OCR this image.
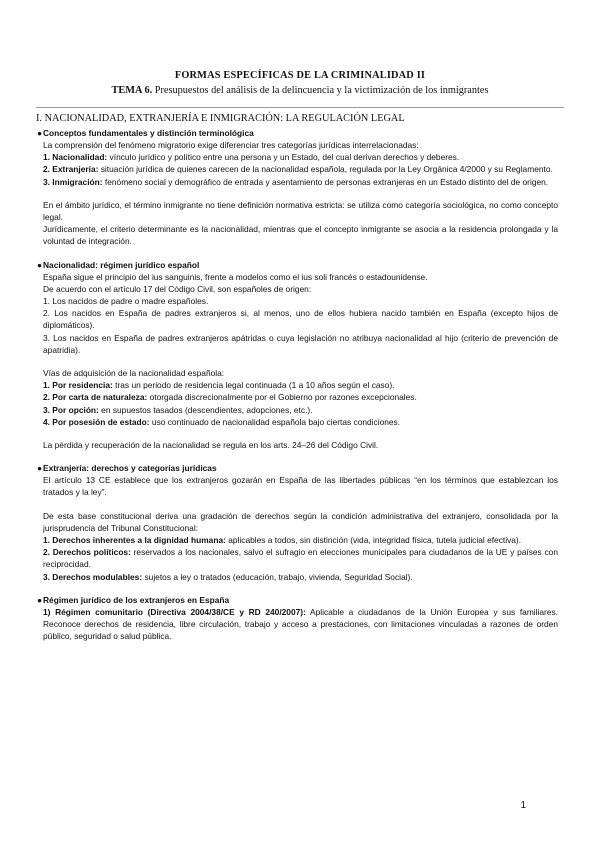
FORMAS ESPECÍFICAS DE LA CRIMINALIDAD II
TEMA 6. Presupuestos del análisis de la delincuencia y la victimización de los inmigrantes
I. NACIONALIDAD, EXTRANJERÍA E INMIGRACIÓN: LA REGULACIÓN LEGAL

●Conceptos fundamentales y distinción terminológica

La comprensión del fenómeno migratorio exige diferenciar tres categorías jurídicas interrelacionadas:

1. Nacionalidad: vínculo jurídico y político entre una persona y un Estado, del cual derivan derechos y deberes.

2. Extranjería: situación jurídica de quienes carecen de la nacionalidad española, regulada por la Ley Orgánica 4/2000 y su Reglamento.

3. Inmigración: fenómeno social y demográfico de entrada y asentamiento de personas extranjeras en un Estado distinto del de origen.

En el ámbito jurídico, el término inmigrante no tiene definición normativa estricta: se utiliza como categoría sociológica, no como concepto legal.

Jurídicamente, el criterio determinante es la nacionalidad, mientras que el concepto inmigrante se asocia a la residencia prolongada y la voluntad de integración.

●Nacionalidad: régimen jurídico español

España sigue el principio del ius sanguinis, frente a modelos como el ius soli francés o estadounidense.

De acuerdo con el artículo 17 del Código Civil, son españoles de origen:

1. Los nacidos de padre o madre españoles.

2. Los nacidos en España de padres extranjeros si, al menos, uno de ellos hubiera nacido también en España (excepto hijos de diplomáticos).

3. Los nacidos en España de padres extranjeros apátridas o cuya legislación no atribuya nacionalidad al hijo (criterio de prevención de apatridia).

Vías de adquisición de la nacionalidad española:

1. Por residencia: tras un periodo de residencia legal continuada (1 a 10 años según el caso).

2. Por carta de naturaleza: otorgada discrecionalmente por el Gobierno por razones excepcionales.

3. Por opción: en supuestos tasados (descendientes, adopciones, etc.).

4. Por posesión de estado: uso continuado de nacionalidad española bajo ciertas condiciones.

La pérdida y recuperación de la nacionalidad se regula en los arts. 24–26 del Código Civil.

●Extranjería: derechos y categorías jurídicas

El artículo 13 CE establece que los extranjeros gozarán en España de las libertades públicas “en los términos que establezcan los tratados y la ley”.

De esta base constitucional deriva una gradación de derechos según la condición administrativa del extranjero, consolidada por la jurisprudencia del Tribunal Constitucional:

1. Derechos inherentes a la dignidad humana: aplicables a todos, sin distinción (vida, integridad física, tutela judicial efectiva).

2. Derechos políticos: reservados a los nacionales, salvo el sufragio en elecciones municipales para ciudadanos de la UE y países con reciprocidad.

3. Derechos modulables: sujetos a ley o tratados (educación, trabajo, vivienda, Seguridad Social).

●Régimen jurídico de los extranjeros en España

1) Régimen comunitario (Directiva 2004/38/CE y RD 240/2007): Aplicable a ciudadanos de la Unión Europea y sus familiares. Reconoce derechos de residencia, libre circulación, trabajo y acceso a prestaciones, con limitaciones vinculadas a razones de orden público, seguridad o salud pública.

1
